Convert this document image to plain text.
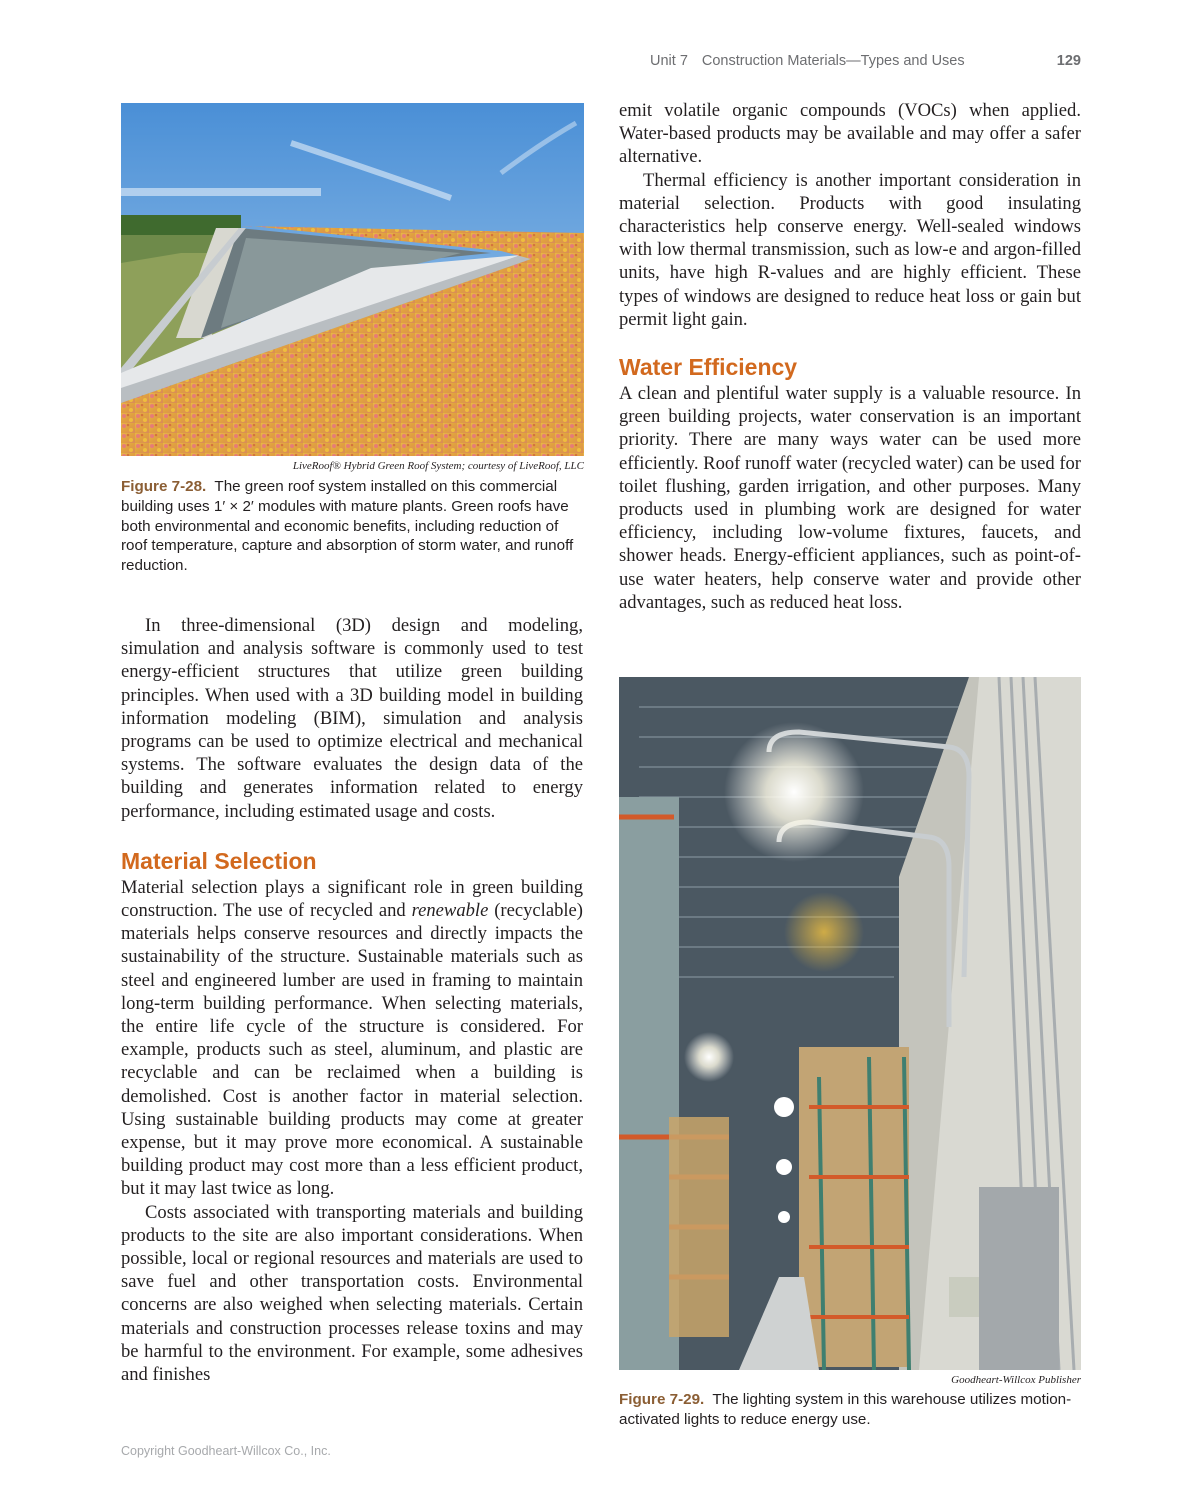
Unit 7 Construction Materials—Types and Uses	129
LiveRoof® Hybrid Green Roof System; courtesy of LiveRoof, LLC

Figure 7-28. The green roof system installed on this commercial building uses 1′ × 2′ modules with mature plants. Green roofs have both environmental and economic benefits, including reduction of roof temperature, capture and absorption of storm water, and runoff reduction.

In three-dimensional (3D) design and modeling, simulation and analysis software is commonly used to test energy-efficient structures that utilize green building principles. When used with a 3D building model in building information modeling (BIM), simulation and analysis programs can be used to optimize electrical and mechanical systems. The software evaluates the design data of the building and generates information related to energy performance, including estimated usage and costs.

Material Selection

Material selection plays a significant role in green building construction. The use of recycled and renewable (recyclable) materials helps conserve resources and directly impacts the sustainability of the structure. Sustainable materials such as steel and engineered lumber are used in framing to maintain long-term building performance. When selecting materials, the entire life cycle of the structure is considered. For example, products such as steel, aluminum, and plastic are recyclable and can be reclaimed when a building is demolished. Cost is another factor in material selection. Using sustainable building products may come at greater expense, but it may prove more economical. A sustainable building product may cost more than a less efficient product, but it may last twice as long.

Costs associated with transporting materials and building products to the site are also important considerations. When possible, local or regional resources and materials are used to save fuel and other transportation costs. Environmental concerns are also weighed when selecting materials. Certain materials and construction processes release toxins and may be harmful to the environment. For example, some adhesives and finishes

emit volatile organic compounds (VOCs) when applied. Water-based products may be available and may offer a safer alternative.

Thermal efficiency is another important consideration in material selection. Products with good insulating characteristics help conserve energy. Well-sealed windows with low thermal transmission, such as low-e and argon-filled units, have high R-values and are highly efficient. These types of windows are designed to reduce heat loss or gain but permit light gain.

Water Efficiency

A clean and plentiful water supply is a valuable resource. In green building projects, water conservation is an important priority. There are many ways water can be used more efficiently. Roof runoff water (recycled water) can be used for toilet flushing, garden irrigation, and other purposes. Many products used in plumbing work are designed for water efficiency, including low-volume fixtures, faucets, and shower heads. Energy-efficient appliances, such as point-of-use water heaters, help conserve water and provide other advantages, such as reduced heat loss.

Goodheart-Willcox Publisher

Figure 7-29. The lighting system in this warehouse utilizes motion-activated lights to reduce energy use.

Copyright Goodheart-Willcox Co., Inc.
